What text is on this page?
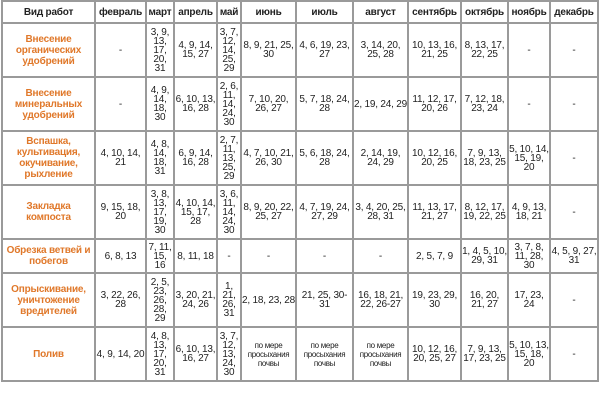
Вид работ	февраль	март	апрель	май	июнь	июль	август	сентябрь	октябрь	ноябрь	декабрь
Внесение органических удобрений	-	3, 9, 13, 17, 20, 31	4, 9, 14, 15, 27	3, 7, 12, 14, 25, 29	8, 9, 21, 25, 30	4, 6, 19, 23, 27	3, 14, 20, 25, 28	10, 13, 16, 21, 25	8, 13, 17, 22, 25	-	-
Внесение минеральных удобрений	-	4, 9, 14, 18, 30	6, 10, 13, 16, 28	2, 6, 11, 14, 24, 30	7, 10, 20, 26, 27	5, 7, 18, 24, 28	2, 19, 24, 29	11, 12, 17, 20, 26	7, 12, 18, 23, 24	-	-
Вспашка, культивация, окучивание, рыхление	4, 10, 14, 21	4, 8, 14, 18, 31	6, 9, 14, 16, 28	2, 7, 11, 13, 25, 29	4, 7, 10, 21, 26, 30	5, 6, 18, 24, 28	2, 14, 19, 24, 29	10, 12, 16, 20, 25	7, 9, 13, 18, 23, 25	5, 10, 14, 15, 19, 20	-
Закладка компоста	9, 15, 18, 20	3, 8, 13, 17, 19, 30	4, 10, 14, 15, 17, 28	3, 6, 11, 14, 24, 30	8, 9, 20, 22, 25, 27	4, 7, 19, 24, 27, 29	3, 4, 20, 25, 28, 31	11, 13, 17, 21, 27	8, 12, 17, 19, 22, 25	4, 9, 13, 18, 21	-
Обрезка ветвей и побегов	6, 8, 13	7, 11, 15, 16	8, 11, 18	-	-	-	-	2, 5, 7, 9	1, 4, 5, 10, 29, 31	3, 7, 8, 11, 28, 30	4, 5, 9, 27, 31
Опрыскивание, уничтожение вредителей	3, 22, 26, 28	2, 5, 23, 26, 28, 29	3, 20, 21, 24, 26	1, 21, 26, 31	2, 18, 23, 28	21, 25, 30-31	16, 18, 21, 22, 26-27	19, 23, 29, 30	16, 20, 21, 27	17, 23, 24	-
Полив	4, 9, 14, 20	4, 8, 13, 17, 20, 31	6, 10, 13, 16, 27	3, 7, 12, 13, 24, 30	по мере просыхания почвы	по мере просыхания почвы	по мере просыхания почвы	10, 12, 16, 20, 25, 27	7, 9, 13, 17, 23, 25	5, 10, 13, 15, 18, 20	-
